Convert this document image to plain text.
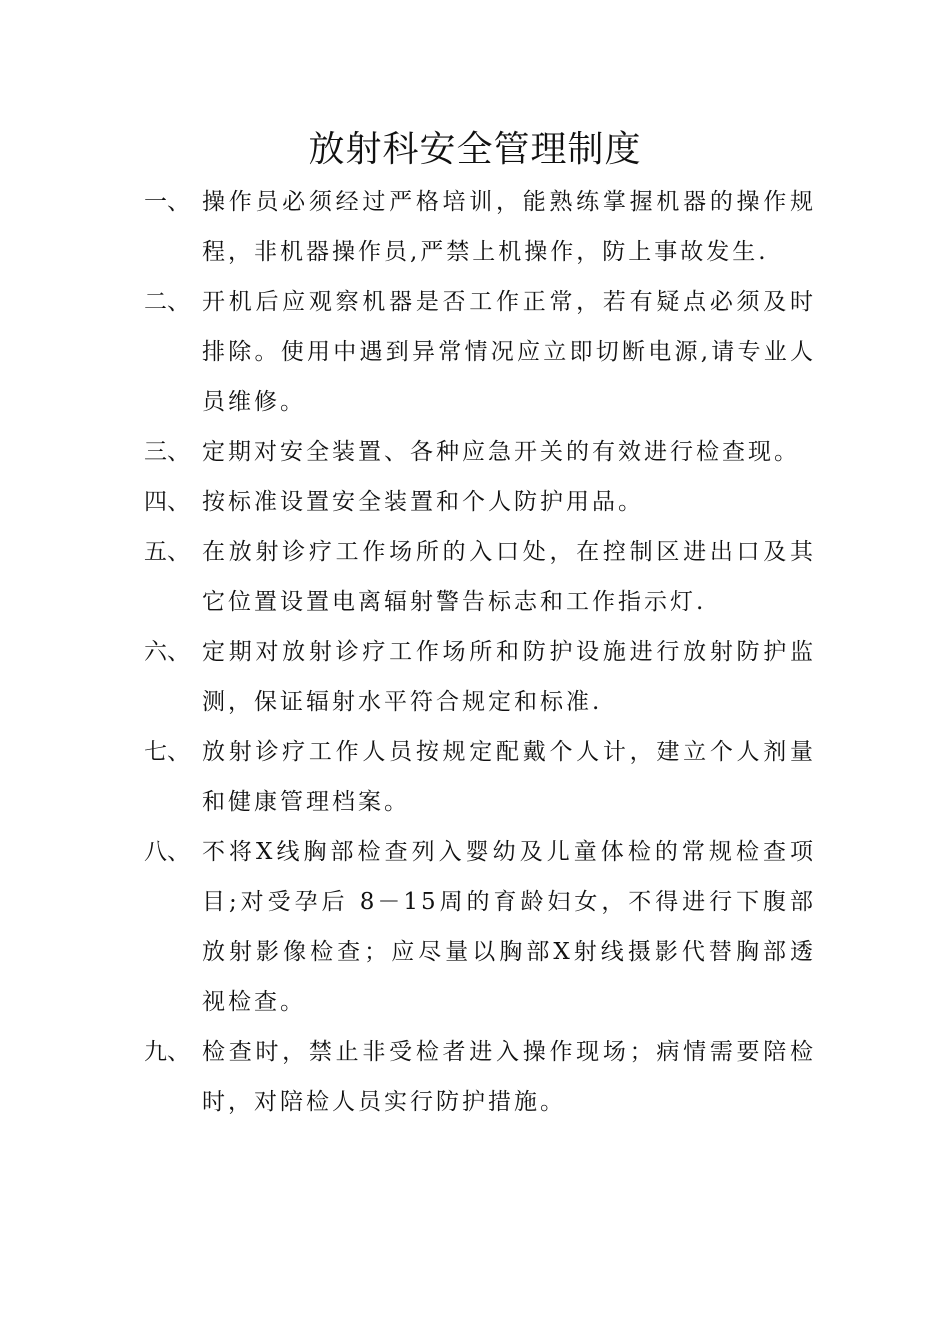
放射科安全管理制度
一、 操作员必须经过严格培训，能熟练掌握机器的操作规程，非机器操作员,严禁上机操作，防上事故发生.
二、 开机后应观察机器是否工作正常，若有疑点必须及时排除。使用中遇到异常情况应立即切断电源,请专业人员维修。
三、 定期对安全装置、各种应急开关的有效进行检查现。
四、 按标准设置安全装置和个人防护用品。
五、 在放射诊疗工作场所的入口处，在控制区进出口及其它位置设置电离辐射警告标志和工作指示灯.
六、 定期对放射诊疗工作场所和防护设施进行放射防护监测，保证辐射水平符合规定和标准.
七、 放射诊疗工作人员按规定配戴个人计，建立个人剂量和健康管理档案。
八、 不将X线胸部检查列入婴幼及儿童体检的常规检查项目;对受孕后 8－15周的育龄妇女，不得进行下腹部放射影像检查；应尽量以胸部X射线摄影代替胸部透视检查。
九、 检查时，禁止非受检者进入操作现场；病情需要陪检时，对陪检人员实行防护措施。
